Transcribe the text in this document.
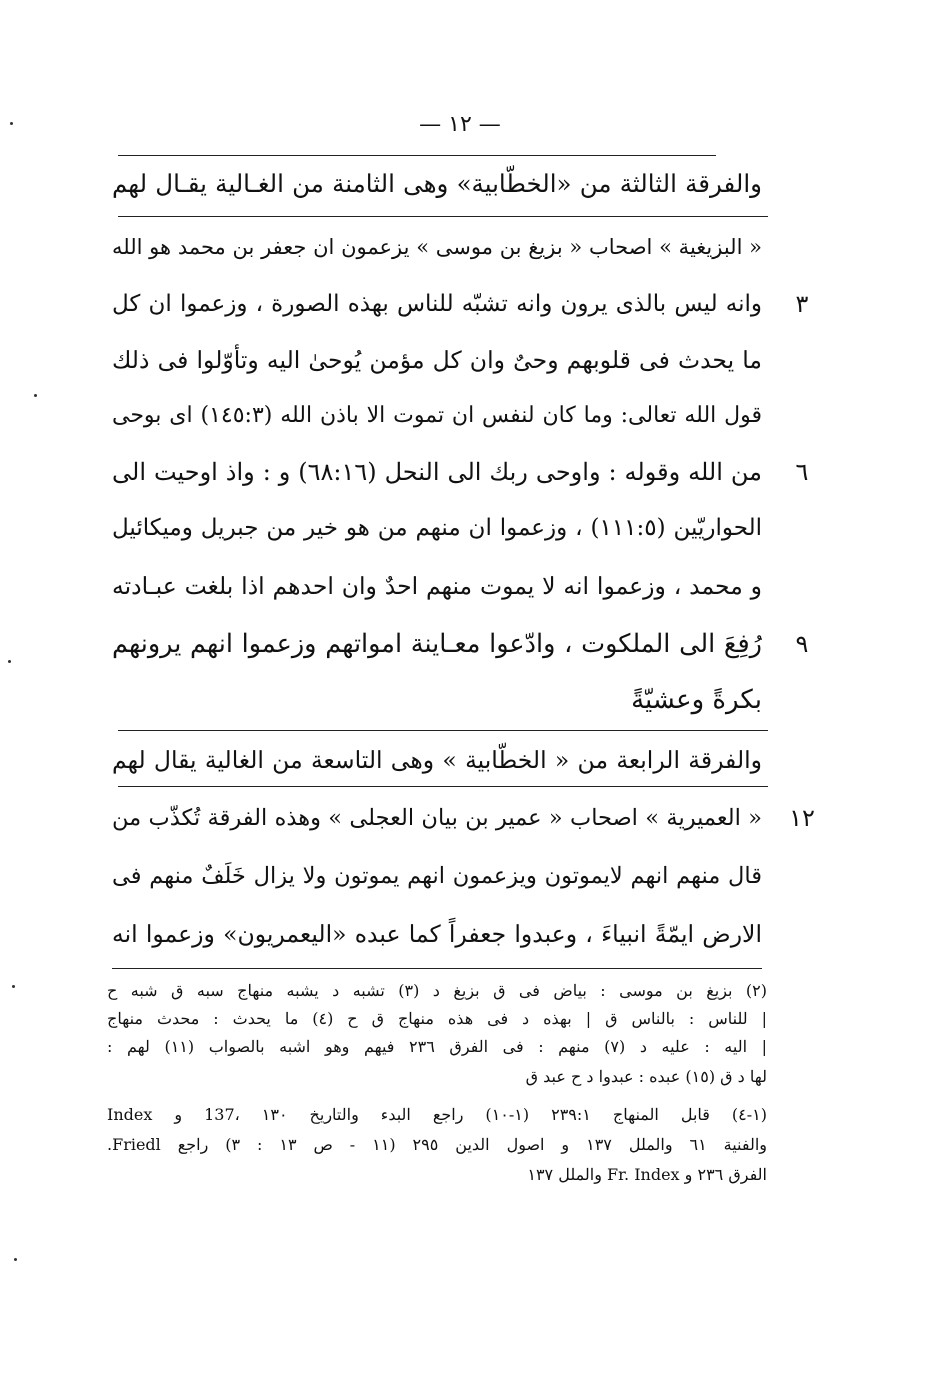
— ١٢ —
والفرقة الثالثة من «الخطّابية» وهى الثامنة من الغـالية يقـال لهم
« البزيغية » اصحاب « بزيغ بن موسى » يزعمون ان جعفر بن محمد هو الله
وانه ليس بالذى يرون وانه تشبّه للناس بهذه الصورة ، وزعموا ان كل
ما يحدث فى قلوبهم وحىٌ وان كل مؤمن يُوحىٰ اليه وتأوّلوا فى ذلك
قول الله تعالى: وما كان لنفس ان تموت الا باذن الله (١٤٥:٣) اى بوحى
من الله وقوله : واوحى ربك الى النحل (٦٨:١٦) و : واذ اوحيت الى
الحواريّين (١١١:٥) ، وزعموا ان منهم من هو خير من جبريل وميكائيل
و محمد ، وزعموا انه لا يموت منهم احدٌ وان احدهم اذا بلغت عبـادته
رُفِعَ الى الملكوت ، وادّعوا معـاينة امواتهم وزعموا انهم يرونهم
بكرةً وعشيّةً
والفرقة الرابعة من « الخطّابية » وهى التاسعة من الغالية يقال لهم
« العميرية » اصحاب « عمير بن بيان العجلى » وهذه الفرقة تُكذّب من
قال منهم انهم لايموتون ويزعمون انهم يموتون ولا يزال خَلَفٌ منهم فى
الارض ايمّةً انبياءَ ، وعبدوا جعفراً كما عبده «اليعمريون» وزعموا انه
٣
٦
٩
١٢
(٢) بزيغ بن موسى : بياض فى ق بزيغ د (٣) تشبه د يشبه منهاج سبه ق شبه ح
| للناس : بالناس ق | بهذه د فى هذه منهاج ق ح (٤) ما يحدث : محدث منهاج
| اليه : عليه د (٧) منهم : فى الفرق ٢٣٦ فيهم وهو اشبه بالصواب (١١) لهم :
لها د ق (١٥) عبده : عبدوا د ح عبد ق
(١-٤) قابل المنهاج ٢٣٩:١ (١-١٠) راجع البدء والتاريخ ١٣٠ ،137 و Index
والفنية ٦١ والملل ١٣٧ و اصول الدين ٢٩٥ (١١ - ص ١٣ : ٣) راجع Friedl.
الفرق ٢٣٦ و Fr. Index والملل ١٣٧
